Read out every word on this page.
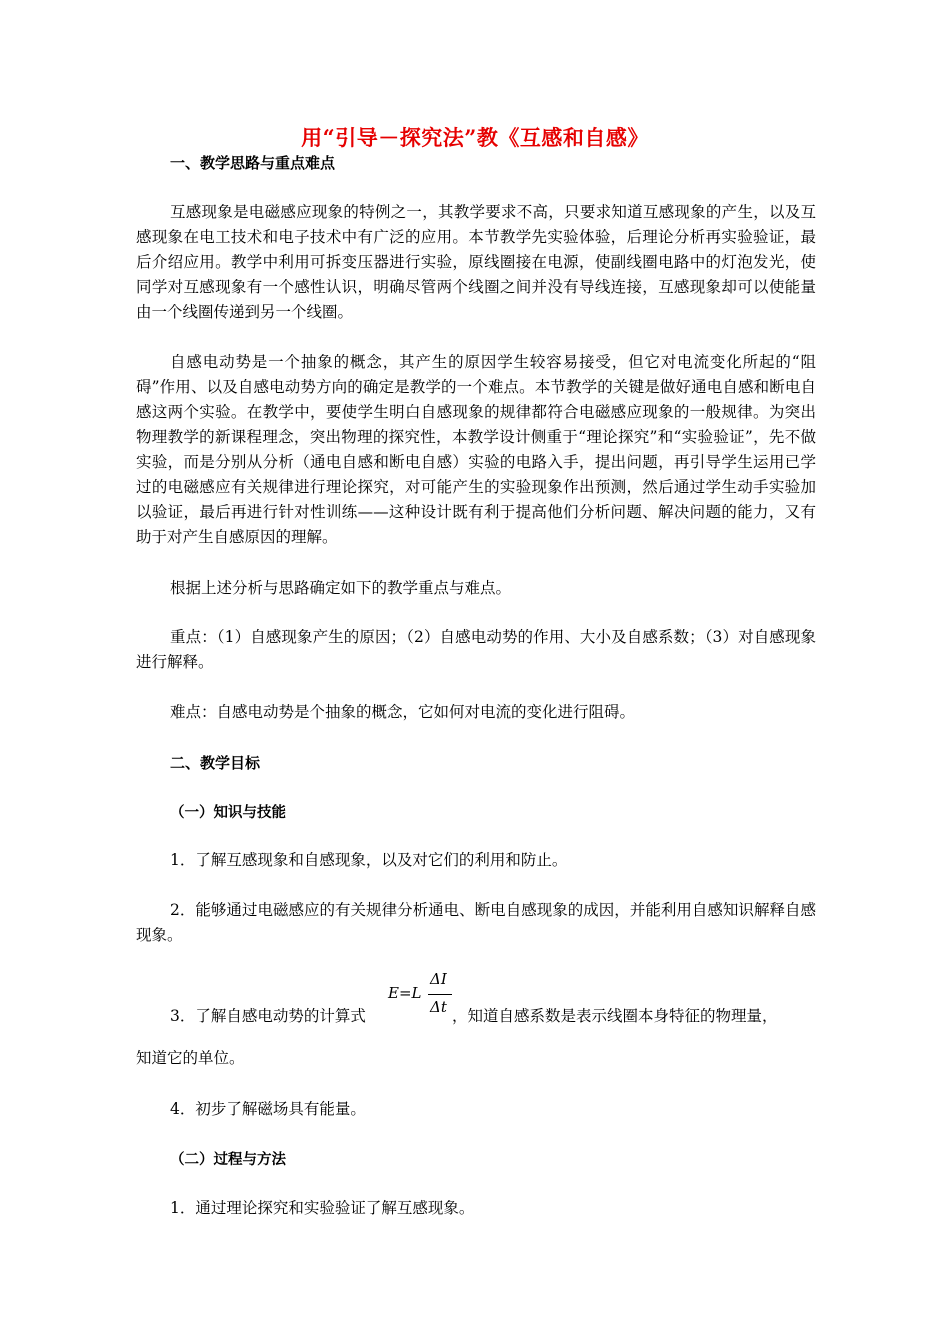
用“引导－探究法”教《互感和自感》
一、教学思路与重点难点
互感现象是电磁感应现象的特例之一，其教学要求不高，只要求知道互感现象的产生，以及互感现象在电工技术和电子技术中有广泛的应用。本节教学先实验体验，后理论分析再实验验证，最后介绍应用。教学中利用可拆变压器进行实验，原线圈接在电源，使副线圈电路中的灯泡发光，使同学对互感现象有一个感性认识，明确尽管两个线圈之间并没有导线连接，互感现象却可以使能量由一个线圈传递到另一个线圈。
自感电动势是一个抽象的概念，其产生的原因学生较容易接受，但它对电流变化所起的“阻碍”作用、以及自感电动势方向的确定是教学的一个难点。本节教学的关键是做好通电自感和断电自感这两个实验。在教学中，要使学生明白自感现象的规律都符合电磁感应现象的一般规律。为突出物理教学的新课程理念，突出物理的探究性，本教学设计侧重于“理论探究”和“实验验证”，先不做实验，而是分别从分析（通电自感和断电自感）实验的电路入手，提出问题，再引导学生运用已学过的电磁感应有关规律进行理论探究，对可能产生的实验现象作出预测，然后通过学生动手实验加以验证，最后再进行针对性训练——这种设计既有利于提高他们分析问题、解决问题的能力，又有助于对产生自感原因的理解。
根据上述分析与思路确定如下的教学重点与难点。
重点：（1）自感现象产生的原因；（2）自感电动势的作用、大小及自感系数；（3）对自感现象进行解释。
难点：自感电动势是个抽象的概念，它如何对电流的变化进行阻碍。
二、教学目标
（一）知识与技能
1．了解互感现象和自感现象，以及对它们的利用和防止。
2．能够通过电磁感应的有关规律分析通电、断电自感现象的成因，并能利用自感知识解释自感现象。
3．了解自感电动势的计算式
E=L
ΔI
Δt ，知道自感系数是表示线圈本身特征的物理量，
知道它的单位。
4．初步了解磁场具有能量。
（二）过程与方法
1．通过理论探究和实验验证了解互感现象。
